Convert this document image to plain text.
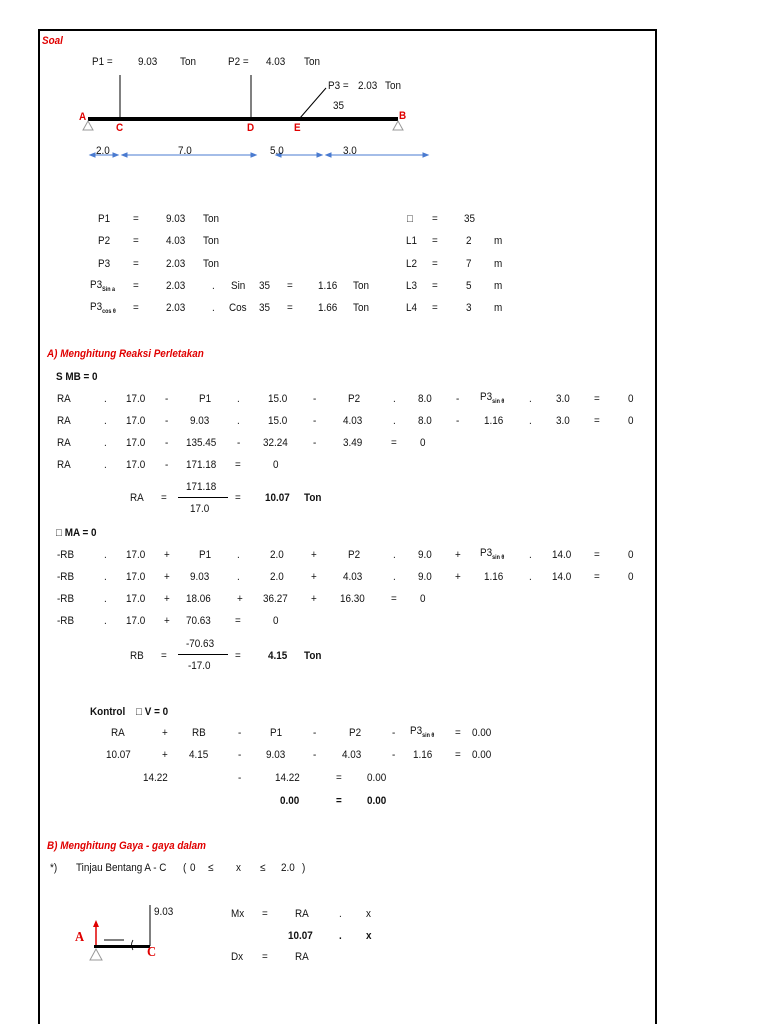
Soal
P1 = 9.03 Ton	P2 = 4.03 Ton
P3 = 2.03 Ton
35
A	B
C	D	E
2.0	7.0	5.0	3.0
P1 = 9.03 Ton
P2 = 4.03 Ton
P3 = 2.03 Ton
$P3_{Sin a} = 2.03$ . Sin 35 = 1.16 Ton
$P3_{cos \theta} = 2.03$ . Cos 35 = 1.66 Ton
□ = 35
L1 =	2 m
L2 =	7 m
L3 =	5 m
L4 =	3 m
A) Menghitung Reaksi Perletakan
S MB = 0
RA	. 17.0 -	P1 .	15.0 -	P2	. $8.0 - P3_{sin \theta}$ . 3.0 =	0
RA	. 17.0 - 9.03	.	15.0 - 4.03	. 8.0 - 1.16 . 3.0 =	0
RA	. 17.0 - 135.45 - 32.24 - 3.49	= 0
RA	. 17.0 - 171.18 =	0
RA =
171.18
17.0
= 10.07 Ton
□ MA = 0
-RB	. 17.0 +	P1 .	2.0 +	P2	. $9.0 + P3_{sin \theta}$ . 14.0 =	0
-RB	. 17.0 + 9.03	.	2.0 + 4.03	. 9.0 + 1.16 . 14.0 =	0
-RB	. 17.0 + 18.06 + 36.27 + 16.30 = 0
-RB	. 17.0 + 70.63 =	0
RB =
-70.63
-17.0
= 4.15 Ton
Kontrol □ V = 0
RA	+ RB	-	P1	-	P2	- $P3_{sin \theta} = 0.00$
10.07	+ 4.15	- 9.03	- 4.03	- 1.16 = 0.00
14.22	-	14.22	= 0.00
0.00	= 0.00
B) Menghitung Gaya - gaya dalam
*) Tinjau Bentang A - C ( 0 ≤ x ≤ 2.0 )
9.03
A
C
Mx = RA	. x
10.07 . x
Dx = RA
